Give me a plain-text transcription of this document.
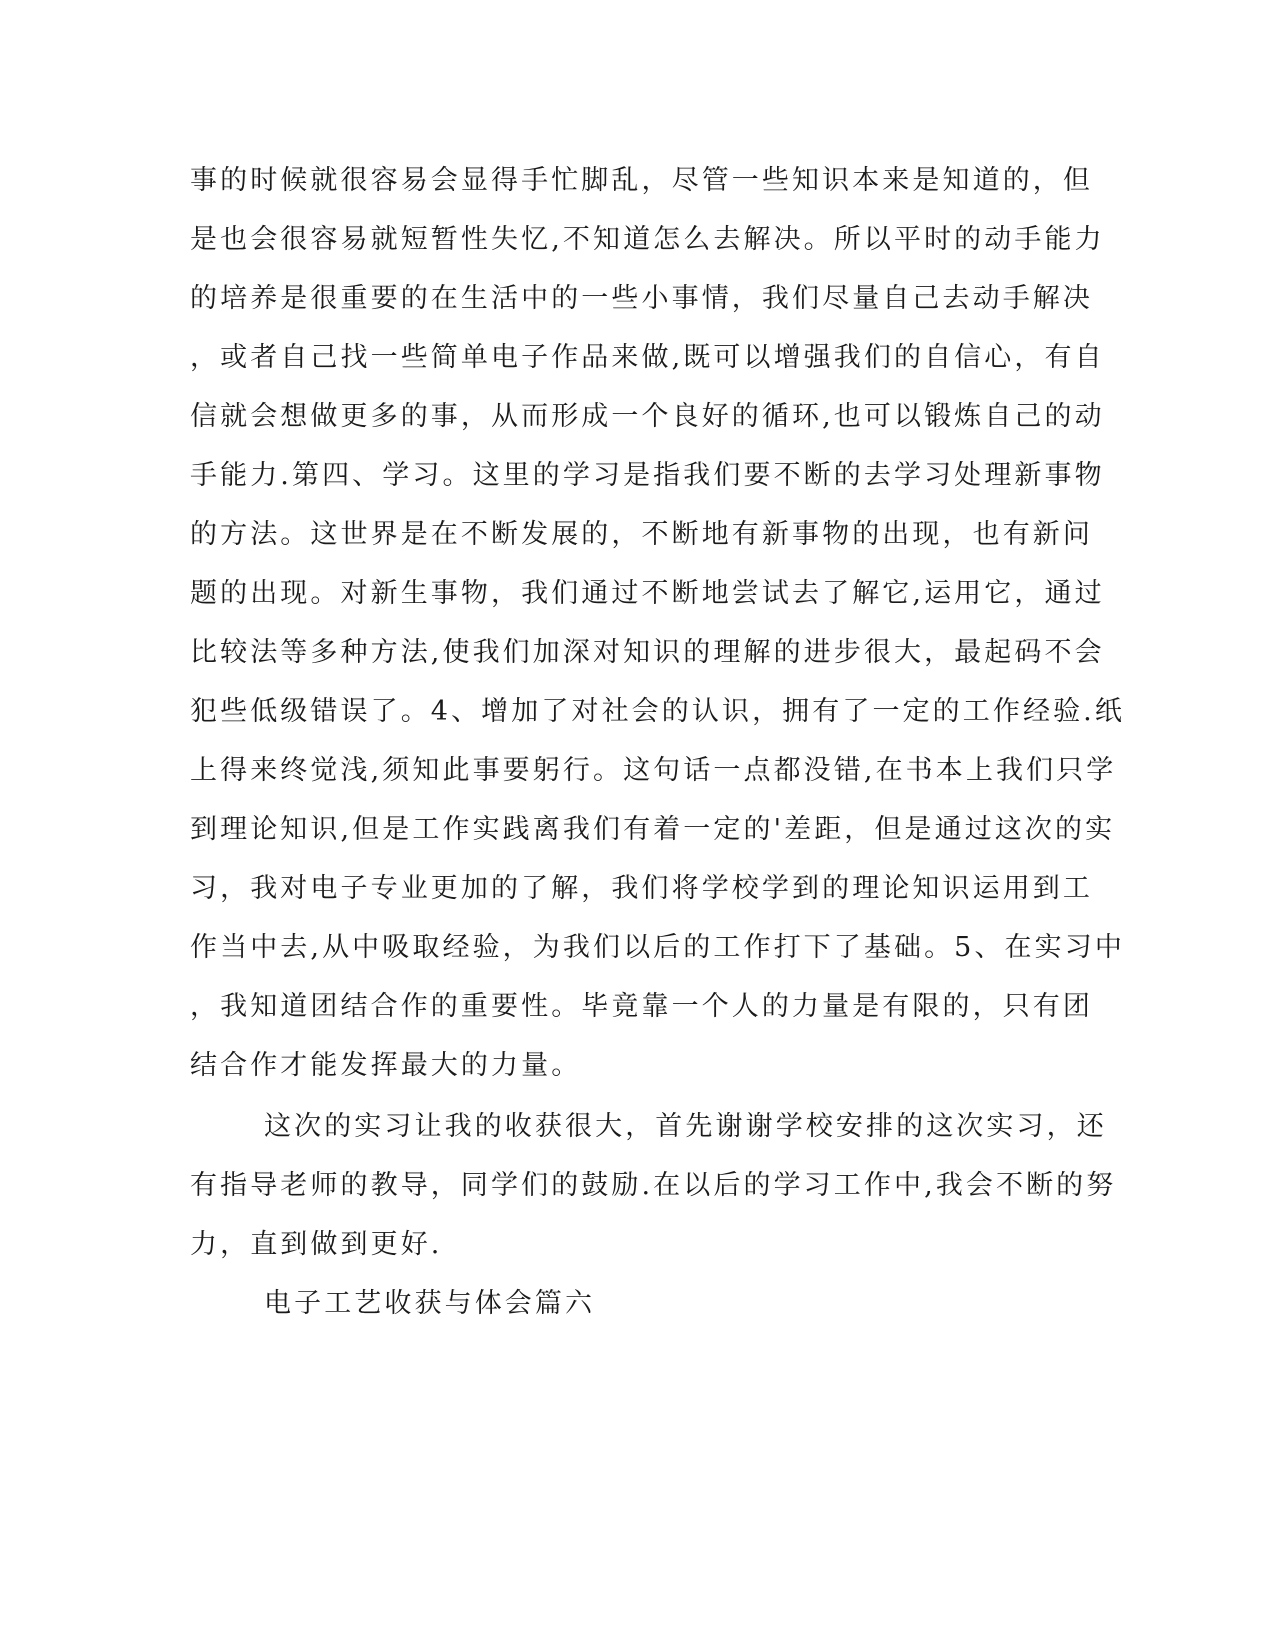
事的时候就很容易会显得手忙脚乱，尽管一些知识本来是知道的，但
是也会很容易就短暂性失忆,不知道怎么去解决。所以平时的动手能力
的培养是很重要的在生活中的一些小事情，我们尽量自己去动手解决
，或者自己找一些简单电子作品来做,既可以增强我们的自信心，有自
信就会想做更多的事，从而形成一个良好的循环,也可以锻炼自己的动
手能力.第四、学习。这里的学习是指我们要不断的去学习处理新事物
的方法。这世界是在不断发展的，不断地有新事物的出现，也有新问
题的出现。对新生事物，我们通过不断地尝试去了解它,运用它，通过
比较法等多种方法,使我们加深对知识的理解的进步很大，最起码不会
犯些低级错误了。4、增加了对社会的认识，拥有了一定的工作经验.纸
上得来终觉浅,须知此事要躬行。这句话一点都没错,在书本上我们只学
到理论知识,但是工作实践离我们有着一定的'差距，但是通过这次的实
习，我对电子专业更加的了解，我们将学校学到的理论知识运用到工
作当中去,从中吸取经验，为我们以后的工作打下了基础。5、在实习中
，我知道团结合作的重要性。毕竟靠一个人的力量是有限的，只有团
结合作才能发挥最大的力量。
这次的实习让我的收获很大，首先谢谢学校安排的这次实习，还
有指导老师的教导，同学们的鼓励.在以后的学习工作中,我会不断的努
力，直到做到更好.
电子工艺收获与体会篇六
